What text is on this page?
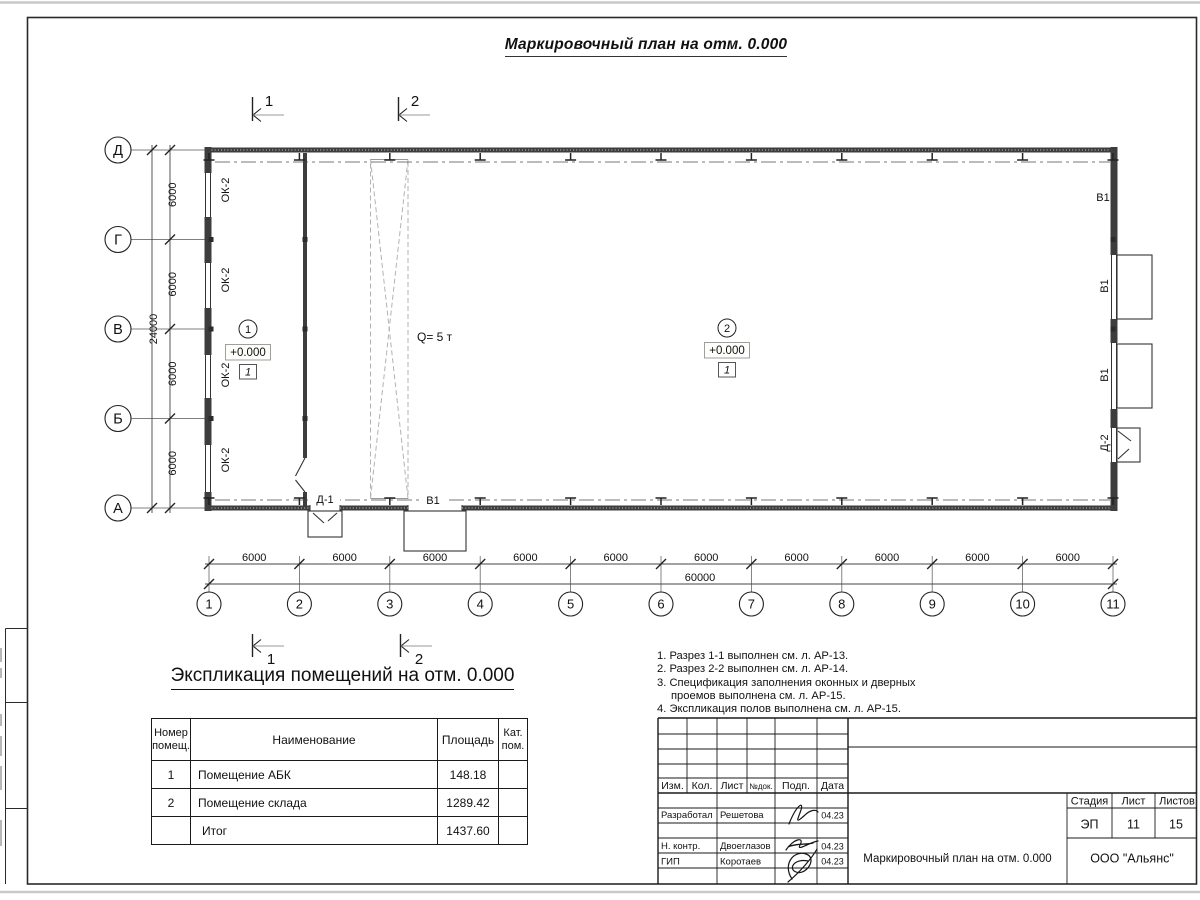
Д
Г
В
Б
А
1	2	3	4	5	6	7	8	9	10	11
6000	6000	6000	6000	6000	6000	6000	6000	6000	6000
60000
6000
6000
6000
6000
24000
1	2
1	2
ОК-2
ОК-2
ОК-2
ОК-2
В1
В1
В1
Д-2
В1
Д-1
Q= 5 т
1
+0.000
1
2
+0.000
1
Изм. Кол. Лист №док. Подп. Дата
Разработал Решетова
Н. контр. Двоеглазов
ГИП	Коротаев
04.23
04.23
04.23
Стадия Лист Листов
ЭП 11 15
Маркировочный план на отм. 0.000	ООО "Альянс"
Маркировочный план на отм. 0.000
Экспликация помещений на отм. 0.000
Номер
помещ.	Наименование	Площадь	Кат.
пом.

1	Помещение АБК	148.18	
2	Помещение склада	1289.42	
	Итог	1437.60	
1. Разрез 1-1 выполнен см. л. АР-13.
2. Разрез 2-2 выполнен см. л. АР-14.
3. Спецификация заполнения оконных и дверных
проемов выполнена см. л. АР-15.
4. Экспликация полов выполнена см. л. АР-15.
